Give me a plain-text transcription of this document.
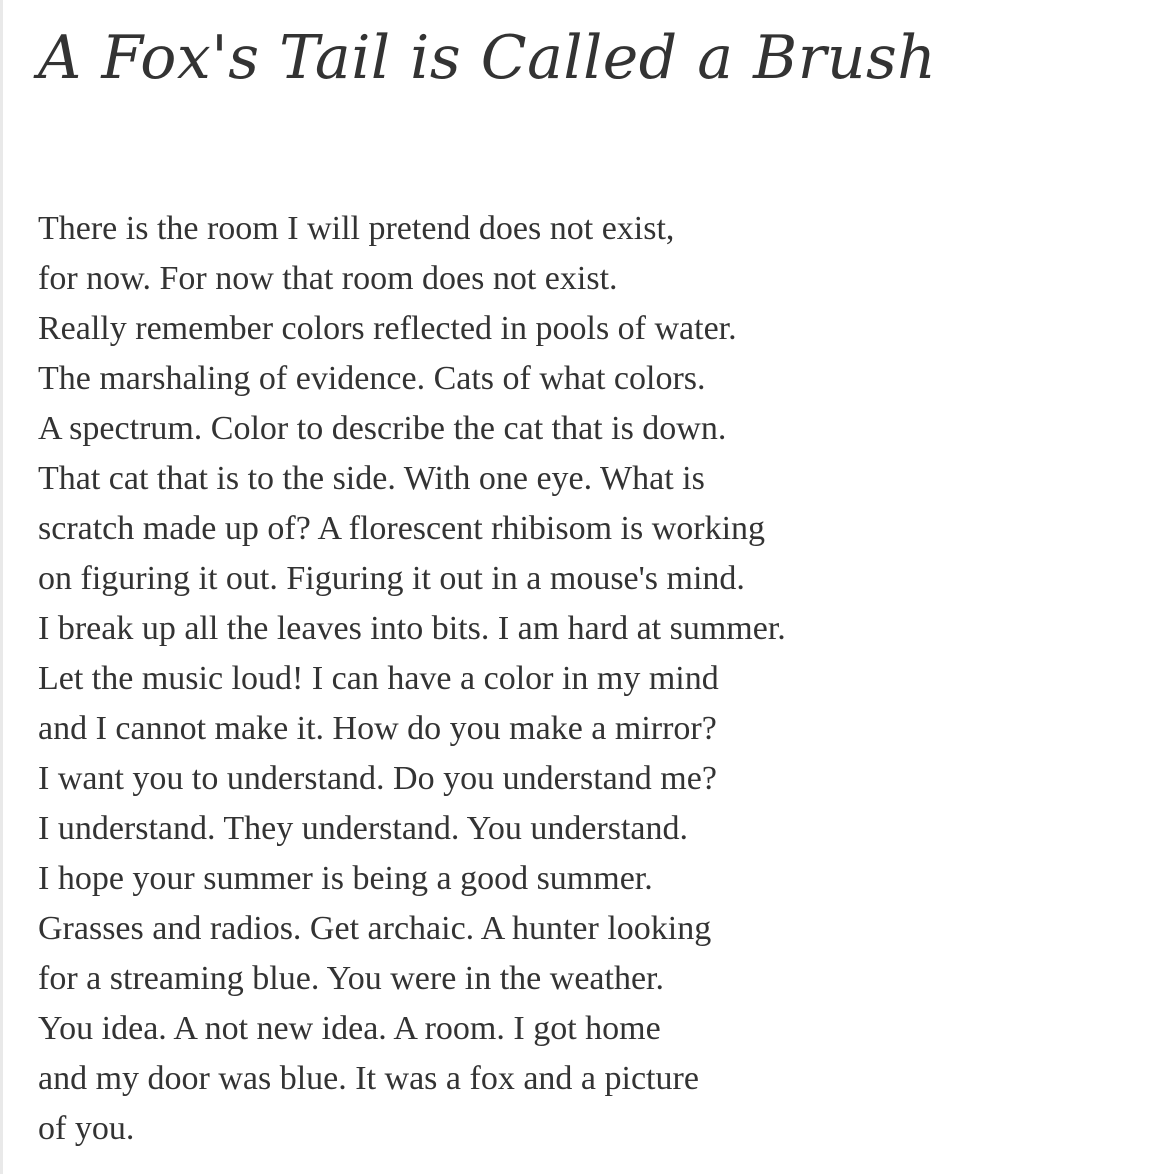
A Fox's Tail is Called a Brush
There is the room I will pretend does not exist,
for now. For now that room does not exist.
Really remember colors reflected in pools of water.
The marshaling of evidence. Cats of what colors.
A spectrum. Color to describe the cat that is down.
That cat that is to the side. With one eye. What is
scratch made up of? A florescent rhibisom is working
on figuring it out. Figuring it out in a mouse's mind.
I break up all the leaves into bits. I am hard at summer.
Let the music loud! I can have a color in my mind
and I cannot make it. How do you make a mirror?
I want you to understand. Do you understand me?
I understand. They understand. You understand.
I hope your summer is being a good summer.
Grasses and radios. Get archaic. A hunter looking
for a streaming blue. You were in the weather.
You idea. A not new idea. A room. I got home
and my door was blue. It was a fox and a picture
of you.
